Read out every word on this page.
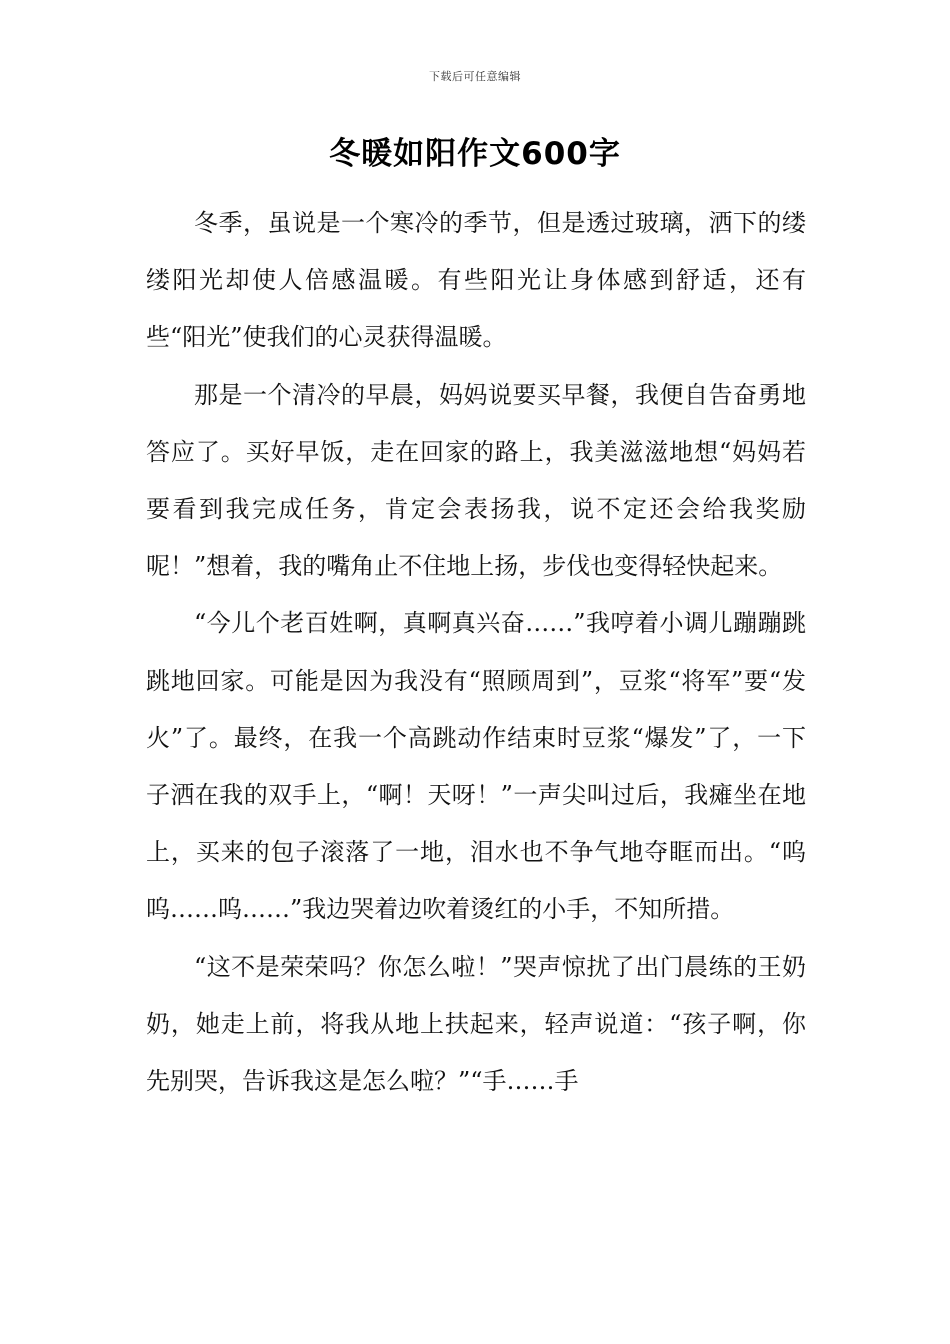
下载后可任意编辑
冬暖如阳作文600字

冬季，虽说是一个寒冷的季节，但是透过玻璃，洒下的缕缕阳光却使人倍感温暖。有些阳光让身体感到舒适，还有些“阳光”使我们的心灵获得温暖。

那是一个清冷的早晨，妈妈说要买早餐，我便自告奋勇地答应了。买好早饭，走在回家的路上，我美滋滋地想“妈妈若要看到我完成任务，肯定会表扬我，说不定还会给我奖励呢！”想着，我的嘴角止不住地上扬，步伐也变得轻快起来。

“今儿个老百姓啊，真啊真兴奋……”我哼着小调儿蹦蹦跳跳地回家。可能是因为我没有“照顾周到”，豆浆“将军”要“发火”了。最终，在我一个高跳动作结束时豆浆“爆发”了，一下子洒在我的双手上，“啊！天呀！”一声尖叫过后，我瘫坐在地上，买来的包子滚落了一地，泪水也不争气地夺眶而出。“呜呜……呜……”我边哭着边吹着烫红的小手，不知所措。

“这不是荣荣吗？你怎么啦！”哭声惊扰了出门晨练的王奶奶，她走上前，将我从地上扶起来，轻声说道：“孩子啊，你先别哭，告诉我这是怎么啦？”“手……手
